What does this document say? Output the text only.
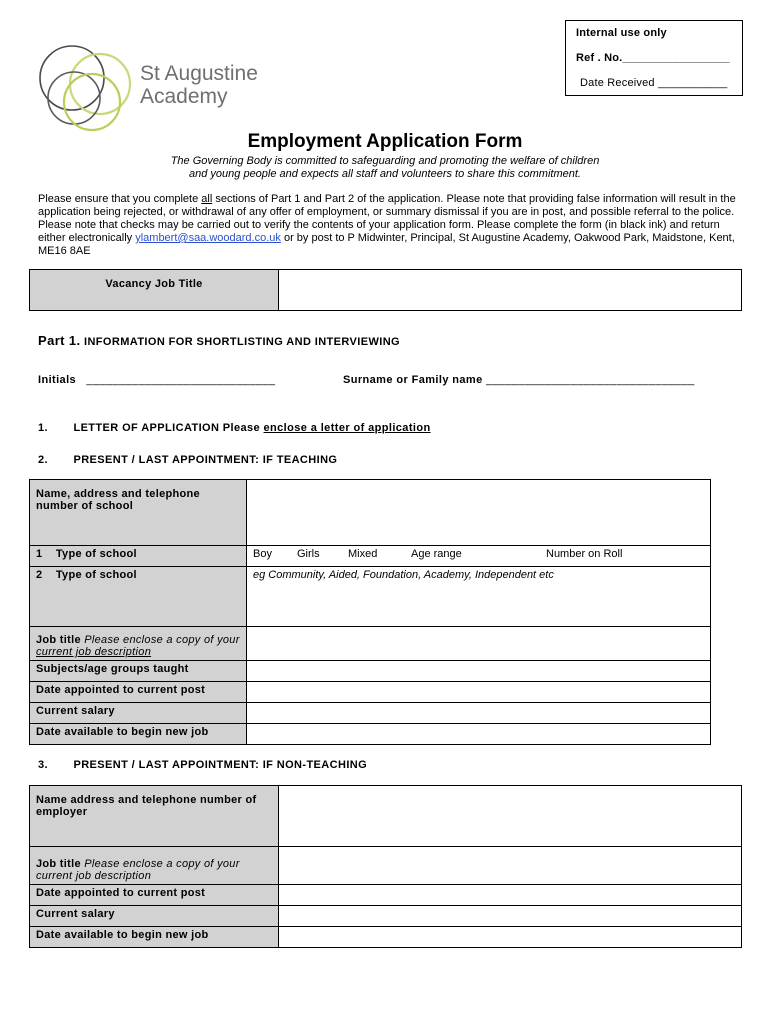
Internal use only
Ref . No._________________
Date Received ___________
St Augustine
Academy
Employment Application Form
The Governing Body is committed to safeguarding and promoting the welfare of children
and young people and expects all staff and volunteers to share this commitment.
Please ensure that you complete all sections of Part 1 and Part 2 of the application. Please note that providing false information will result in the application being rejected, or withdrawal of any offer of employment, or summary dismissal if you are in post, and possible referral to the police. Please note that checks may be carried out to verify the contents of your application form. Please complete the form (in black ink) and return either electronically ylambert@saa.woodard.co.uk or by post to P Midwinter, Principal, St Augustine Academy, Oakwood Park, Maidstone, Kent, ME16 8AE
Vacancy Job Title	
Part 1. INFORMATION FOR SHORTLISTING AND INTERVIEWING
Initials _____________________________	Surname or Family name ________________________________
1. LETTER OF APPLICATION Please enclose a letter of application
2. PRESENT / LAST APPOINTMENT: IF TEACHING
Name, address and telephone number of school	
1 Type of school	Boy Girls Mixed Age range Number on Roll

2 Type of school	eg Community, Aided, Foundation, Academy, Independent etc
Job title Please enclose a copy of your current job description	
Subjects/age groups taught	
Date appointed to current post	
Current salary	
Date available to begin new job	
3. PRESENT / LAST APPOINTMENT: IF NON-TEACHING
Name address and telephone number of employer	
Job title Please enclose a copy of your current job description	
Date appointed to current post	
Current salary	
Date available to begin new job	
